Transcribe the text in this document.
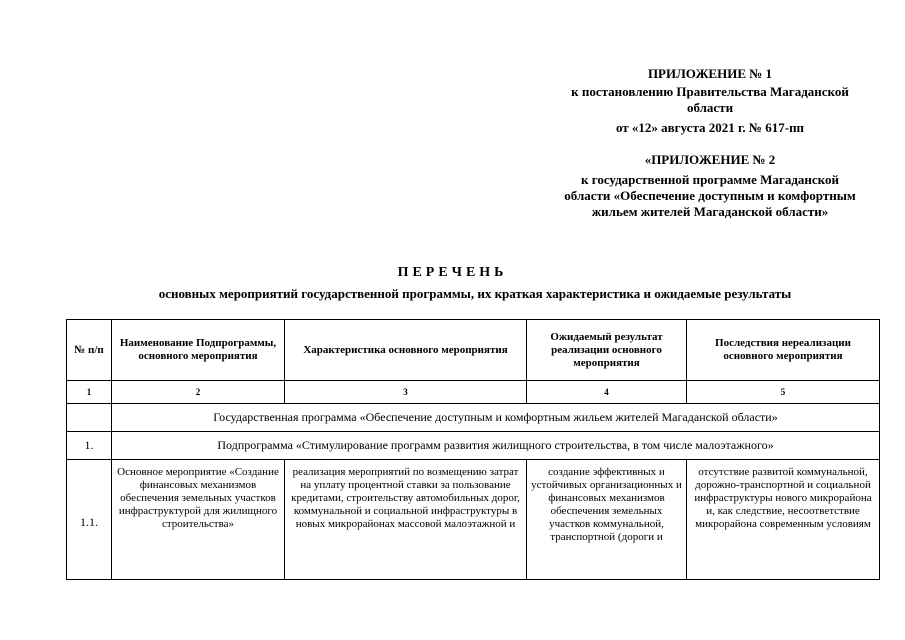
ПРИЛОЖЕНИЕ № 1
к постановлению Правительства Магаданской области
от «12» августа 2021 г. № 617-пп
«ПРИЛОЖЕНИЕ № 2
к государственной программе Магаданской области «Обеспечение доступным и комфортным жильем жителей Магаданской области»
ПЕРЕЧЕНЬ
основных мероприятий государственной программы, их краткая характеристика и ожидаемые результаты
№ п/п	Наименование Подпрограммы, основного мероприятия	Характеристика основного мероприятия	Ожидаемый результат реализации основного мероприятия	Последствия нереализации основного мероприятия
1	2	3	4	5
	Государственная программа «Обеспечение доступным и комфортным жильем жителей Магаданской области»			
1.	Подпрограмма «Стимулирование программ развития жилищного строительства, в том числе малоэтажного»			
1.1.	Основное мероприятие «Создание финансовых механизмов обеспечения земельных участков инфраструктурой для жилищного строительства»	реализация мероприятий по возмещению затрат на уплату процентной ставки за пользование кредитами, строительству автомобильных дорог, коммунальной и социальной инфраструктуры в новых микрорайонах массовой малоэтажной и	создание эффективных и устойчивых организационных и финансовых механизмов обеспечения земельных участков коммунальной, транспортной (дороги и	отсутствие развитой коммунальной, дорожно-транспортной и социальной инфраструктуры нового микрорайона и, как следствие, несоответствие микрорайона современным условиям
